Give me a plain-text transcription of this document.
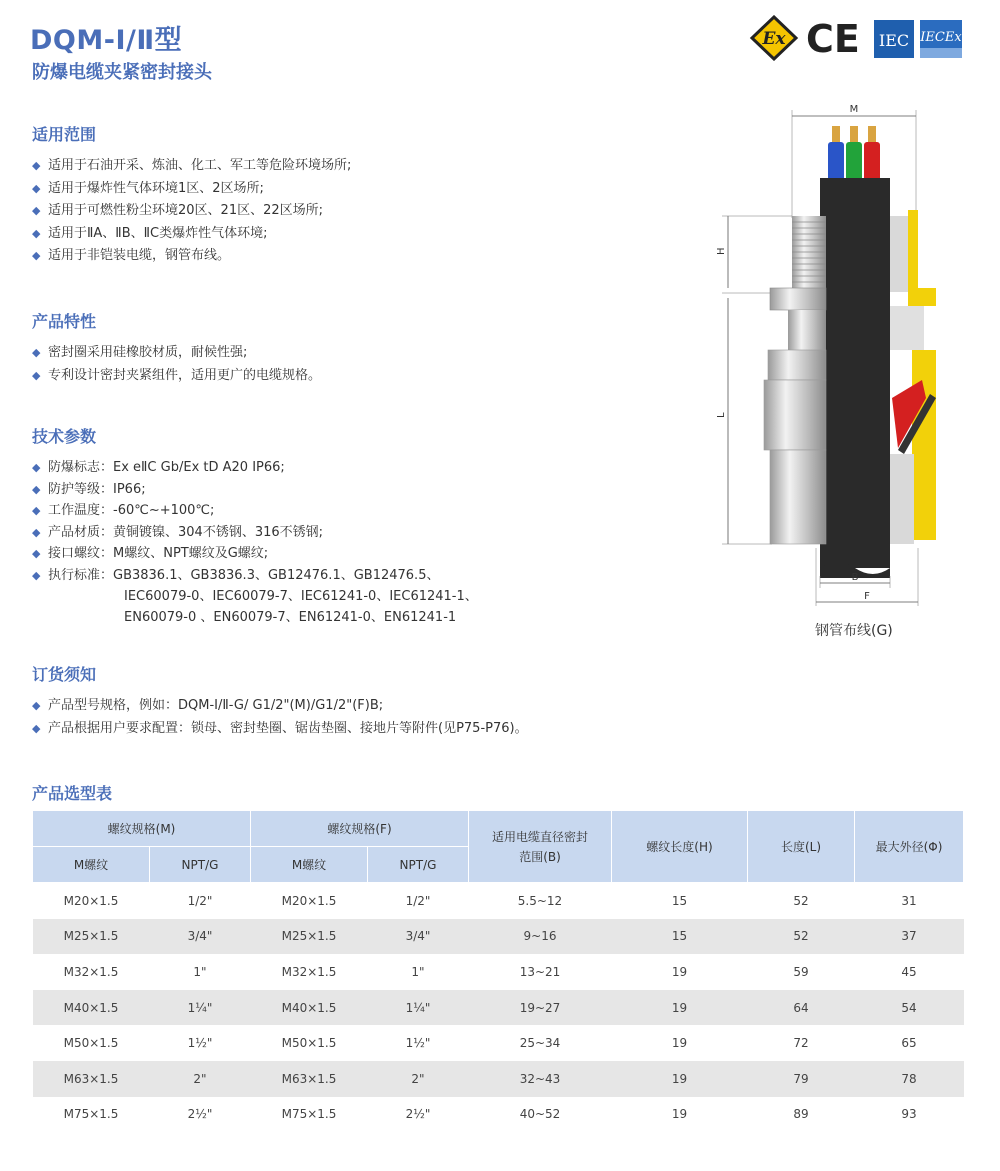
DQM-Ⅰ/Ⅱ型
防爆电缆夹紧密封接头
Ex CE IEC IECEx
适用范围
◆ 适用于石油开采、炼油、化工、军工等危险环境场所;
◆ 适用于爆炸性气体环境1区、2区场所;
◆ 适用于可燃性粉尘环境20区、21区、22区场所;
◆ 适用于ⅡA、ⅡB、ⅡC类爆炸性气体环境;
◆ 适用于非铠装电缆，钢管布线。
产品特性
◆ 密封圈采用硅橡胶材质，耐候性强;
◆ 专利设计密封夹紧组件，适用更广的电缆规格。
技术参数
◆ 防爆标志：Ex eⅡC Gb/Ex tD A20 IP66;
◆ 防护等级：IP66;
◆ 工作温度：-60℃~+100℃;
◆ 产品材质：黄铜镀镍、304不锈钢、316不锈钢;
◆ 接口螺纹：M螺纹、NPT螺纹及G螺纹;
◆ 执行标准：GB3836.1、GB3836.3、GB12476.1、GB12476.5、
IEC60079-0、IEC60079-7、IEC61241-0、IEC61241-1、
EN60079-0 、EN60079-7、EN61241-0、EN61241-1
订货须知
◆ 产品型号规格，例如：DQM-Ⅰ/Ⅱ-G/ G1/2"(M)/G1/2"(F)B;
◆ 产品根据用户要求配置：锁母、密封垫圈、锯齿垫圈、接地片等附件(见P75-P76)。
M
H
L
B
F
钢管布线(G)
产品选型表
螺纹规格(M)		螺纹规格(F)		适用电缆直径密封范围(B)	螺纹长度(H)	长度(L)	最大外径(Φ)
M螺纹	NPT/G	M螺纹	NPT/G				
M20×1.5	1/2"	M20×1.5	1/2"	5.5~12	15	52	31
M25×1.5	3/4"	M25×1.5	3/4"	9~16	15	52	37
M32×1.5	1"	M32×1.5	1"	13~21	19	59	45
M40×1.5	1¼"	M40×1.5	1¼"	19~27	19	64	54
M50×1.5	1½"	M50×1.5	1½"	25~34	19	72	65
M63×1.5	2"	M63×1.5	2"	32~43	19	79	78
M75×1.5	2½"	M75×1.5	2½"	40~52	19	89	93
